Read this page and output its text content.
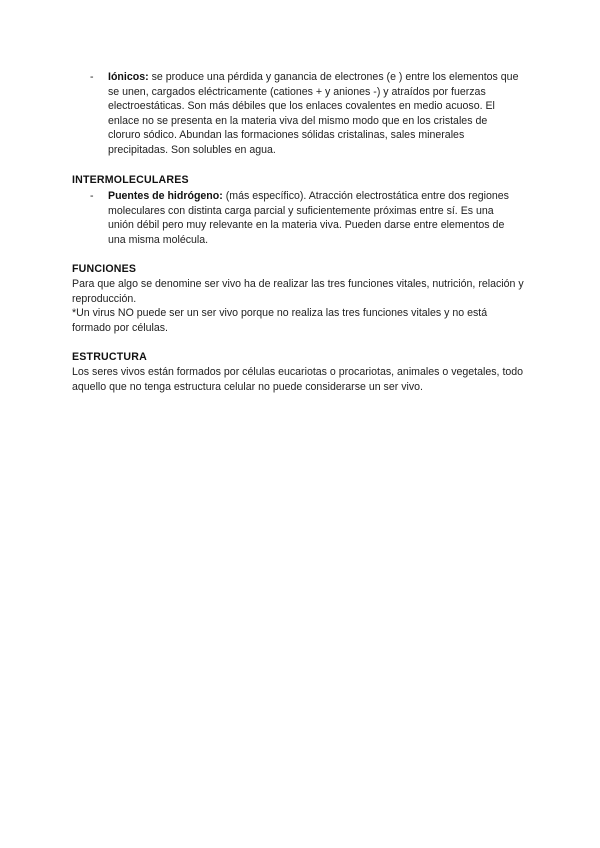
- Iónicos: se produce una pérdida y ganancia de electrones (e ) entre los elementos que se unen, cargados eléctricamente (cationes + y aniones -) y atraídos por fuerzas electroestáticas. Son más débiles que los enlaces covalentes en medio acuoso. El enlace no se presenta en la materia viva del mismo modo que en los cristales de cloruro sódico. Abundan las formaciones sólidas cristalinas, sales minerales precipitadas. Son solubles en agua.
INTERMOLECULARES
- Puentes de hidrógeno: (más específico). Atracción electrostática entre dos regiones moleculares con distinta carga parcial y suficientemente próximas entre sí. Es una unión débil pero muy relevante en la materia viva. Pueden darse entre elementos de una misma molécula.
FUNCIONES
Para que algo se denomine ser vivo ha de realizar las tres funciones vitales, nutrición, relación y reproducción.
*Un virus NO puede ser un ser vivo porque no realiza las tres funciones vitales y no está formado por células.
ESTRUCTURA
Los seres vivos están formados por células eucariotas o procariotas, animales o vegetales, todo aquello que no tenga estructura celular no puede considerarse un ser vivo.
